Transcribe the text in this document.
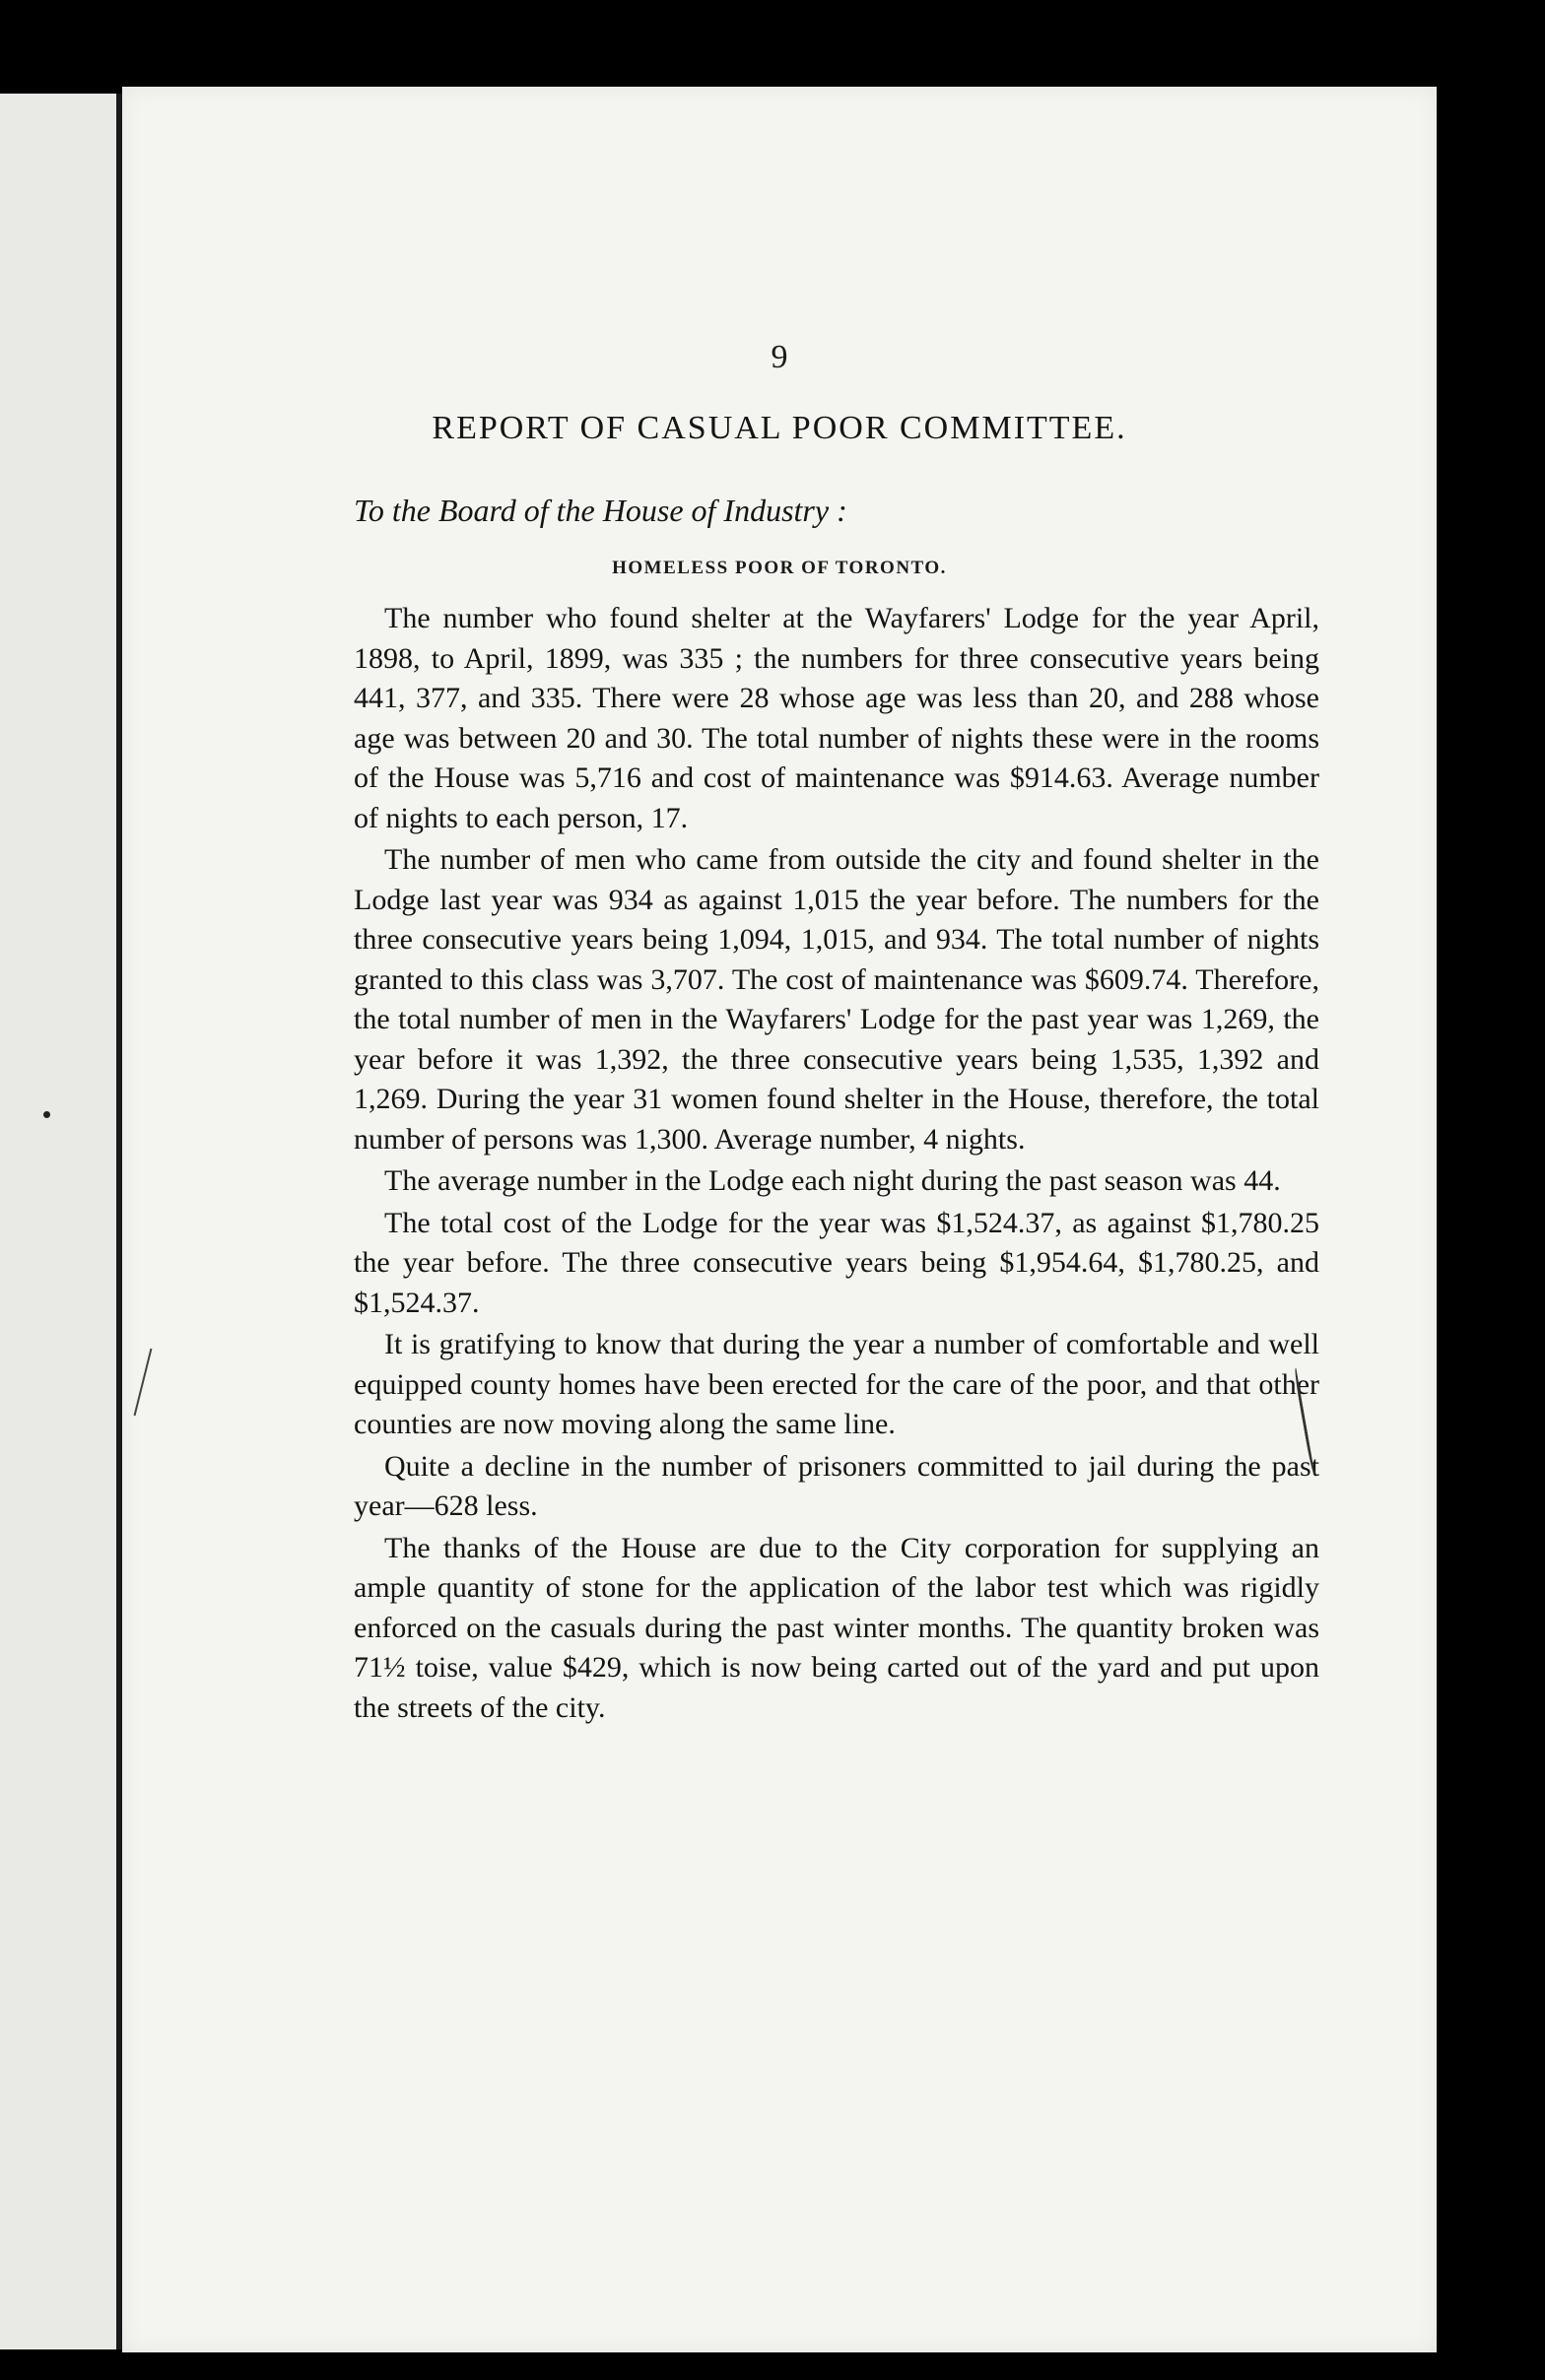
9
REPORT OF CASUAL POOR COMMITTEE.
To the Board of the House of Industry :
HOMELESS POOR OF TORONTO.

The number who found shelter at the Wayfarers' Lodge for the year April, 1898, to April, 1899, was 335 ; the numbers for three consecutive years being 441, 377, and 335. There were 28 whose age was less than 20, and 288 whose age was between 20 and 30. The total number of nights these were in the rooms of the House was 5,716 and cost of maintenance was $914.63. Average number of nights to each person, 17.

The number of men who came from outside the city and found shelter in the Lodge last year was 934 as against 1,015 the year before. The numbers for the three consecutive years being 1,094, 1,015, and 934. The total number of nights granted to this class was 3,707. The cost of maintenance was $609.74. Therefore, the total number of men in the Wayfarers' Lodge for the past year was 1,269, the year before it was 1,392, the three consecutive years being 1,535, 1,392 and 1,269. During the year 31 women found shelter in the House, therefore, the total number of persons was 1,300. Average number, 4 nights.

The average number in the Lodge each night during the past season was 44.

The total cost of the Lodge for the year was $1,524.37, as against $1,780.25 the year before. The three consecutive years being $1,954.64, $1,780.25, and $1,524.37.

It is gratifying to know that during the year a number of comfortable and well equipped county homes have been erected for the care of the poor, and that other counties are now moving along the same line.

Quite a decline in the number of prisoners committed to jail during the past year—628 less.

The thanks of the House are due to the City corporation for supplying an ample quantity of stone for the application of the labor test which was rigidly enforced on the casuals during the past winter months. The quantity broken was 71½ toise, value $429, which is now being carted out of the yard and put upon the streets of the city.
